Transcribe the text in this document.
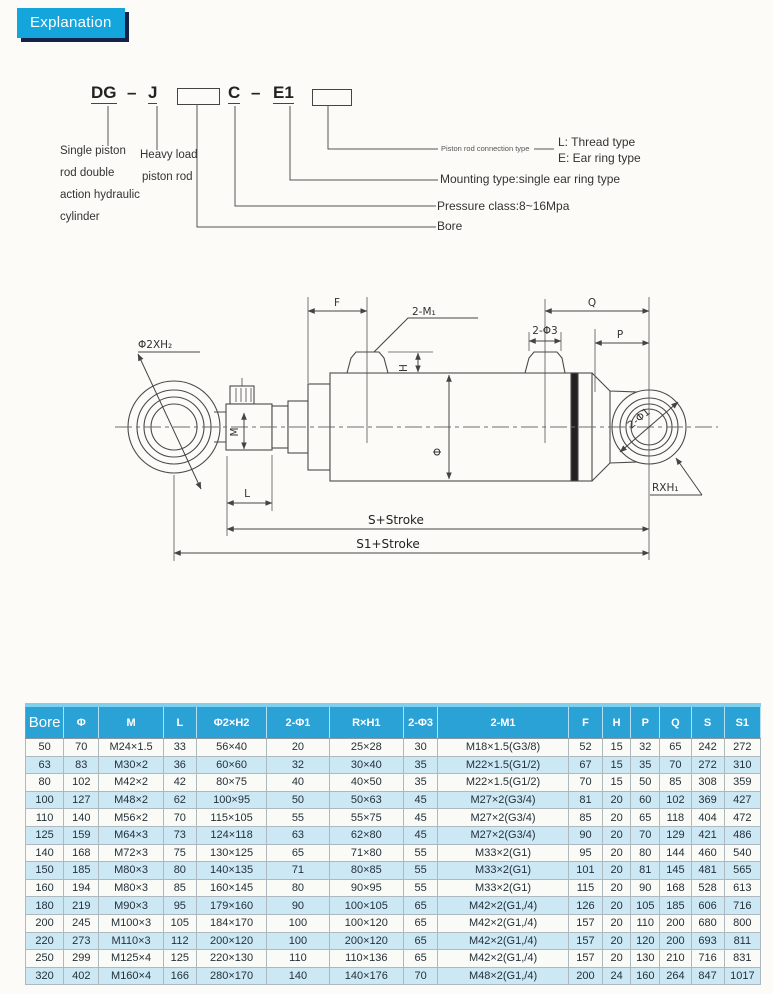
Explanation
DG – J	C – E1
Single piston
rod double
action hydraulic
cylinder
Heavy load
piston rod
Piston rod connection type L: Thread type
E: Ear ring type
Mounting type:single ear ring type
Pressure class:8~16Mpa
Bore
F
2-M₁
Q
P
2-Φ3
Φ2XH₂
H
M
Φ
2-Φ1
RXH₁
L
S+Stroke
S1+Stroke
Bore	Φ	M	L	Φ2×H2	2-Φ1	R×H1	2-Φ3	2-M1	F	H	P	Q	S	S1
50	70	M24×1.5	33	56×40	20	25×28	30	M18×1.5(G3/8)	52	15	32	65	242	272
63	83	M30×2	36	60×60	32	30×40	35	M22×1.5(G1/2)	67	15	35	70	272	310
80	102	M42×2	42	80×75	40	40×50	35	M22×1.5(G1/2)	70	15	50	85	308	359
100	127	M48×2	62	100×95	50	50×63	45	M27×2(G3/4)	81	20	60	102	369	427
110	140	M56×2	70	115×105	55	55×75	45	M27×2(G3/4)	85	20	65	118	404	472
125	159	M64×3	73	124×118	63	62×80	45	M27×2(G3/4)	90	20	70	129	421	486
140	168	M72×3	75	130×125	65	71×80	55	M33×2(G1)	95	20	80	144	460	540
150	185	M80×3	80	140×135	71	80×85	55	M33×2(G1)	101	20	81	145	481	565
160	194	M80×3	85	160×145	80	90×95	55	M33×2(G1)	115	20	90	168	528	613
180	219	M90×3	95	179×160	90	100×105	65	M42×2(G1,/4)	126	20	105	185	606	716
200	245	M100×3	105	184×170	100	100×120	65	M42×2(G1,/4)	157	20	110	200	680	800
220	273	M110×3	112	200×120	100	200×120	65	M42×2(G1,/4)	157	20	120	200	693	811
250	299	M125×4	125	220×130	110	110×136	65	M42×2(G1,/4)	157	20	130	210	716	831
320	402	M160×4	166	280×170	140	140×176	70	M48×2(G1,/4)	200	24	160	264	847	1017
